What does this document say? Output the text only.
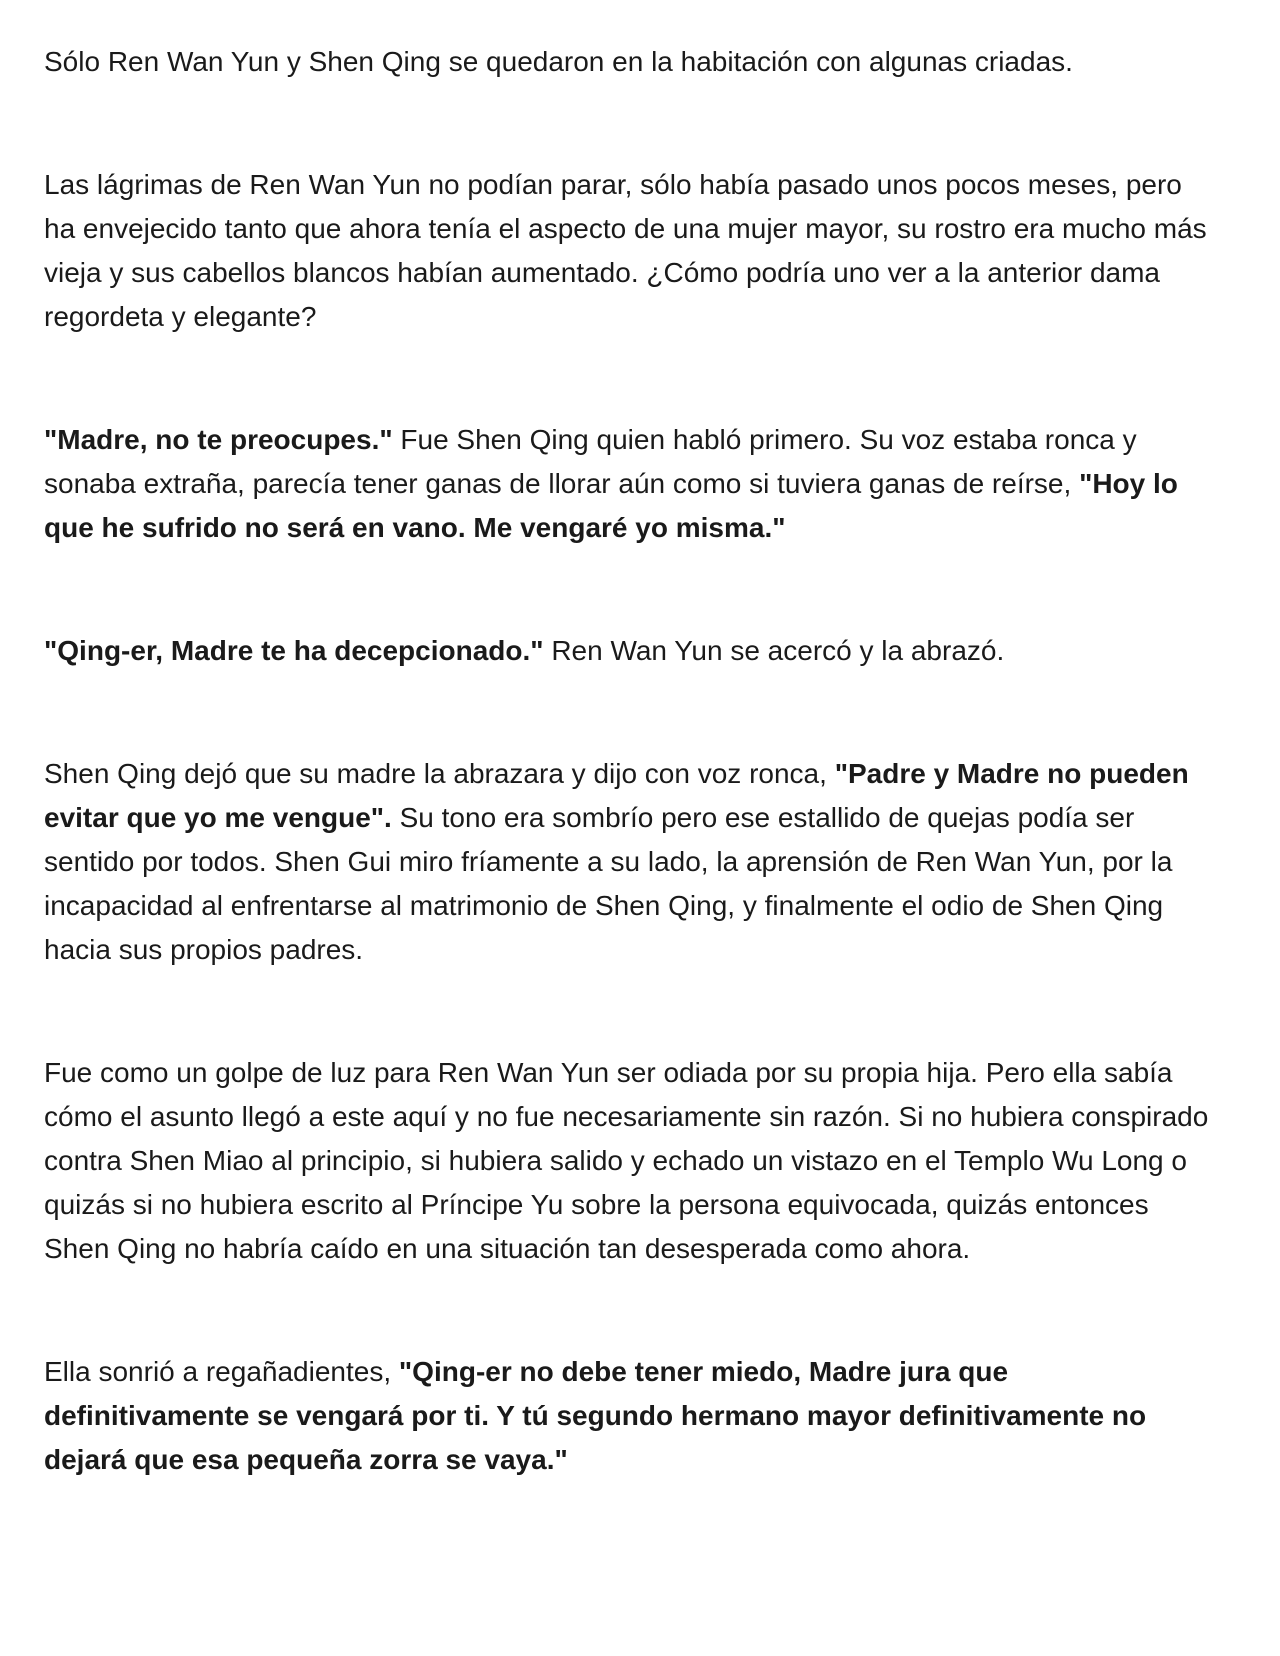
Sólo Ren Wan Yun y Shen Qing se quedaron en la habitación con algunas criadas.

Las lágrimas de Ren Wan Yun no podían parar, sólo había pasado unos pocos meses, pero ha envejecido tanto que ahora tenía el aspecto de una mujer mayor, su rostro era mucho más vieja y sus cabellos blancos habían aumentado. ¿Cómo podría uno ver a la anterior dama regordeta y elegante?

"Madre, no te preocupes." Fue Shen Qing quien habló primero. Su voz estaba ronca y sonaba extraña, parecía tener ganas de llorar aún como si tuviera ganas de reírse, "Hoy lo que he sufrido no será en vano. Me vengaré yo misma."

"Qing-er, Madre te ha decepcionado." Ren Wan Yun se acercó y la abrazó.

Shen Qing dejó que su madre la abrazara y dijo con voz ronca, "Padre y Madre no pueden evitar que yo me vengue". Su tono era sombrío pero ese estallido de quejas podía ser sentido por todos. Shen Gui miro fríamente a su lado, la aprensión de Ren Wan Yun, por la incapacidad al enfrentarse al matrimonio de Shen Qing, y finalmente el odio de Shen Qing hacia sus propios padres.

Fue como un golpe de luz para Ren Wan Yun ser odiada por su propia hija. Pero ella sabía cómo el asunto llegó a este aquí y no fue necesariamente sin razón. Si no hubiera conspirado contra Shen Miao al principio, si hubiera salido y echado un vistazo en el Templo Wu Long o quizás si no hubiera escrito al Príncipe Yu sobre la persona equivocada, quizás entonces Shen Qing no habría caído en una situación tan desesperada como ahora.

Ella sonrió a regañadientes, "Qing-er no debe tener miedo, Madre jura que definitivamente se vengará por ti. Y tú segundo hermano mayor definitivamente no dejará que esa pequeña zorra se vaya."
